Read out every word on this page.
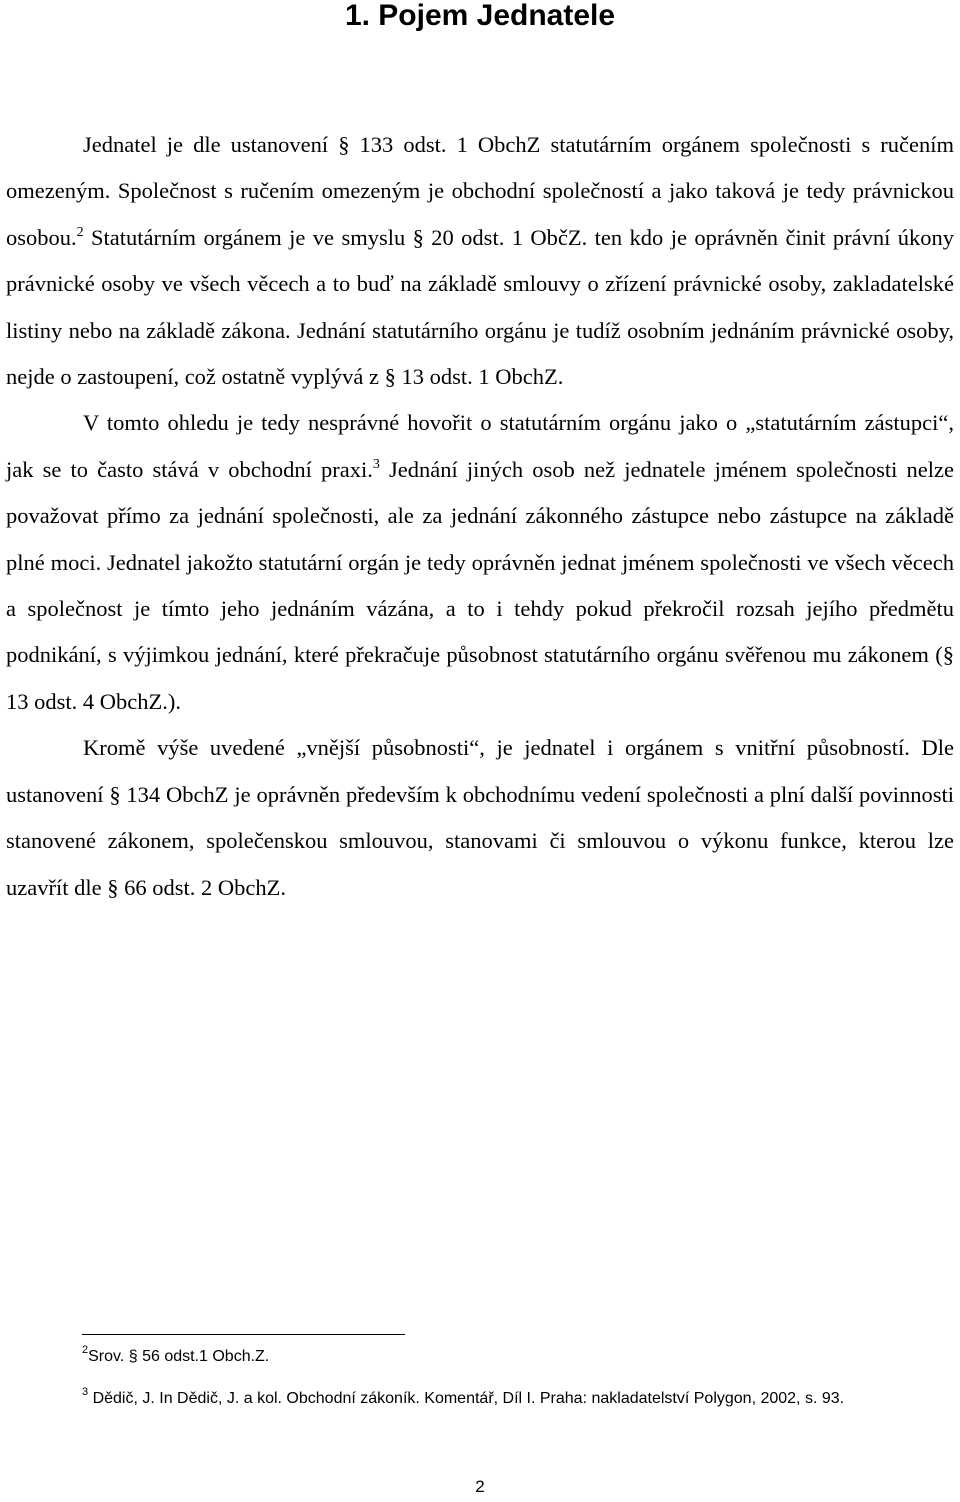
1. Pojem Jednatele

Jednatel je dle ustanovení § 133 odst. 1 ObchZ statutárním orgánem společnosti s ručením omezeným. Společnost s ručením omezeným je obchodní společností a jako taková je tedy právnickou osobou.$^2$ Statutárním orgánem je ve smyslu § 20 odst. 1 ObčZ. ten kdo je oprávněn činit právní úkony právnické osoby ve všech věcech a to buď na základě smlouvy o zřízení právnické osoby, zakladatelské listiny nebo na základě zákona. Jednání statutárního orgánu je tudíž osobním jednáním právnické osoby, nejde o zastoupení, což ostatně vyplývá z § 13 odst. 1 ObchZ.

V tomto ohledu je tedy nesprávné hovořit o statutárním orgánu jako o „statutárním zástupci“, jak se to často stává v obchodní praxi.$^3$ Jednání jiných osob než jednatele jménem společnosti nelze považovat přímo za jednání společnosti, ale za jednání zákonného zástupce nebo zástupce na základě plné moci. Jednatel jakožto statutární orgán je tedy oprávněn jednat jménem společnosti ve všech věcech a společnost je tímto jeho jednáním vázána, a to i tehdy pokud překročil rozsah jejího předmětu podnikání, s výjimkou jednání, které překračuje působnost statutárního orgánu svěřenou mu zákonem (§ 13 odst. 4 ObchZ.).

Kromě výše uvedené „vnější působnosti“, je jednatel i orgánem s vnitřní působností. Dle ustanovení § 134 ObchZ je oprávněn především k obchodnímu vedení společnosti a plní další povinnosti stanovené zákonem, společenskou smlouvou, stanovami či smlouvou o výkonu funkce, kterou lze uzavřít dle § 66 odst. 2 ObchZ.

$^2$Srov. § 56 odst.1 Obch.Z.

$^3$ Dědič, J. In Dědič, J. a kol. Obchodní zákoník. Komentář, Díl I. Praha: nakladatelství Polygon, 2002, s. 93.

2
